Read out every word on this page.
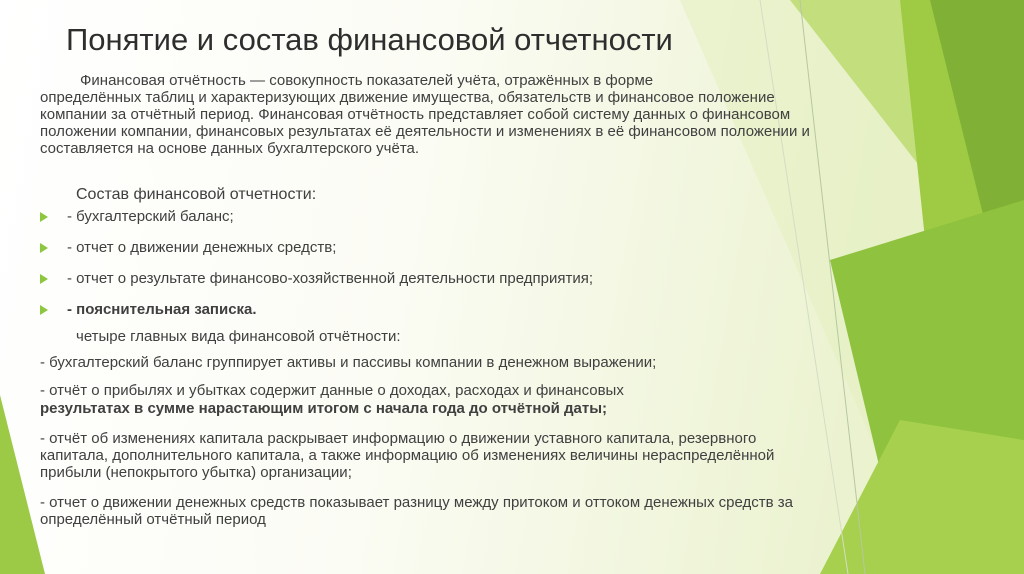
Понятие и состав финансовой отчетности

Финансовая отчётность — совокупность показателей учёта, отражённых в форме

определённых таблиц и характеризующих движение имущества, обязательств и финансовое положение компании за отчётный период. Финансовая отчётность представляет собой систему данных о финансовом положении компании, финансовых результатах её деятельности и изменениях в её финансовом положении и составляется на основе данных бухгалтерского учёта.

Состав финансовой отчетности:

- бухгалтерский баланс;
- отчет о движении денежных средств;
- отчет о результате финансово-хозяйственной деятельности предприятия;
- пояснительная записка.

четыре главных вида финансовой отчётности:

- бухгалтерский баланс группирует активы и пассивы компании в денежном выражении;

- отчёт о прибылях и убытках содержит данные о доходах, расходах и финансовых

результатах в сумме нарастающим итогом с начала года до отчётной даты;

- отчёт об изменениях капитала раскрывает информацию о движении уставного капитала, резервного капитала, дополнительного капитала, а также информацию об изменениях величины нераспределённой прибыли (непокрытого убытка) организации;

- отчет о движении денежных средств показывает разницу между притоком и оттоком денежных средств за определённый отчётный период
